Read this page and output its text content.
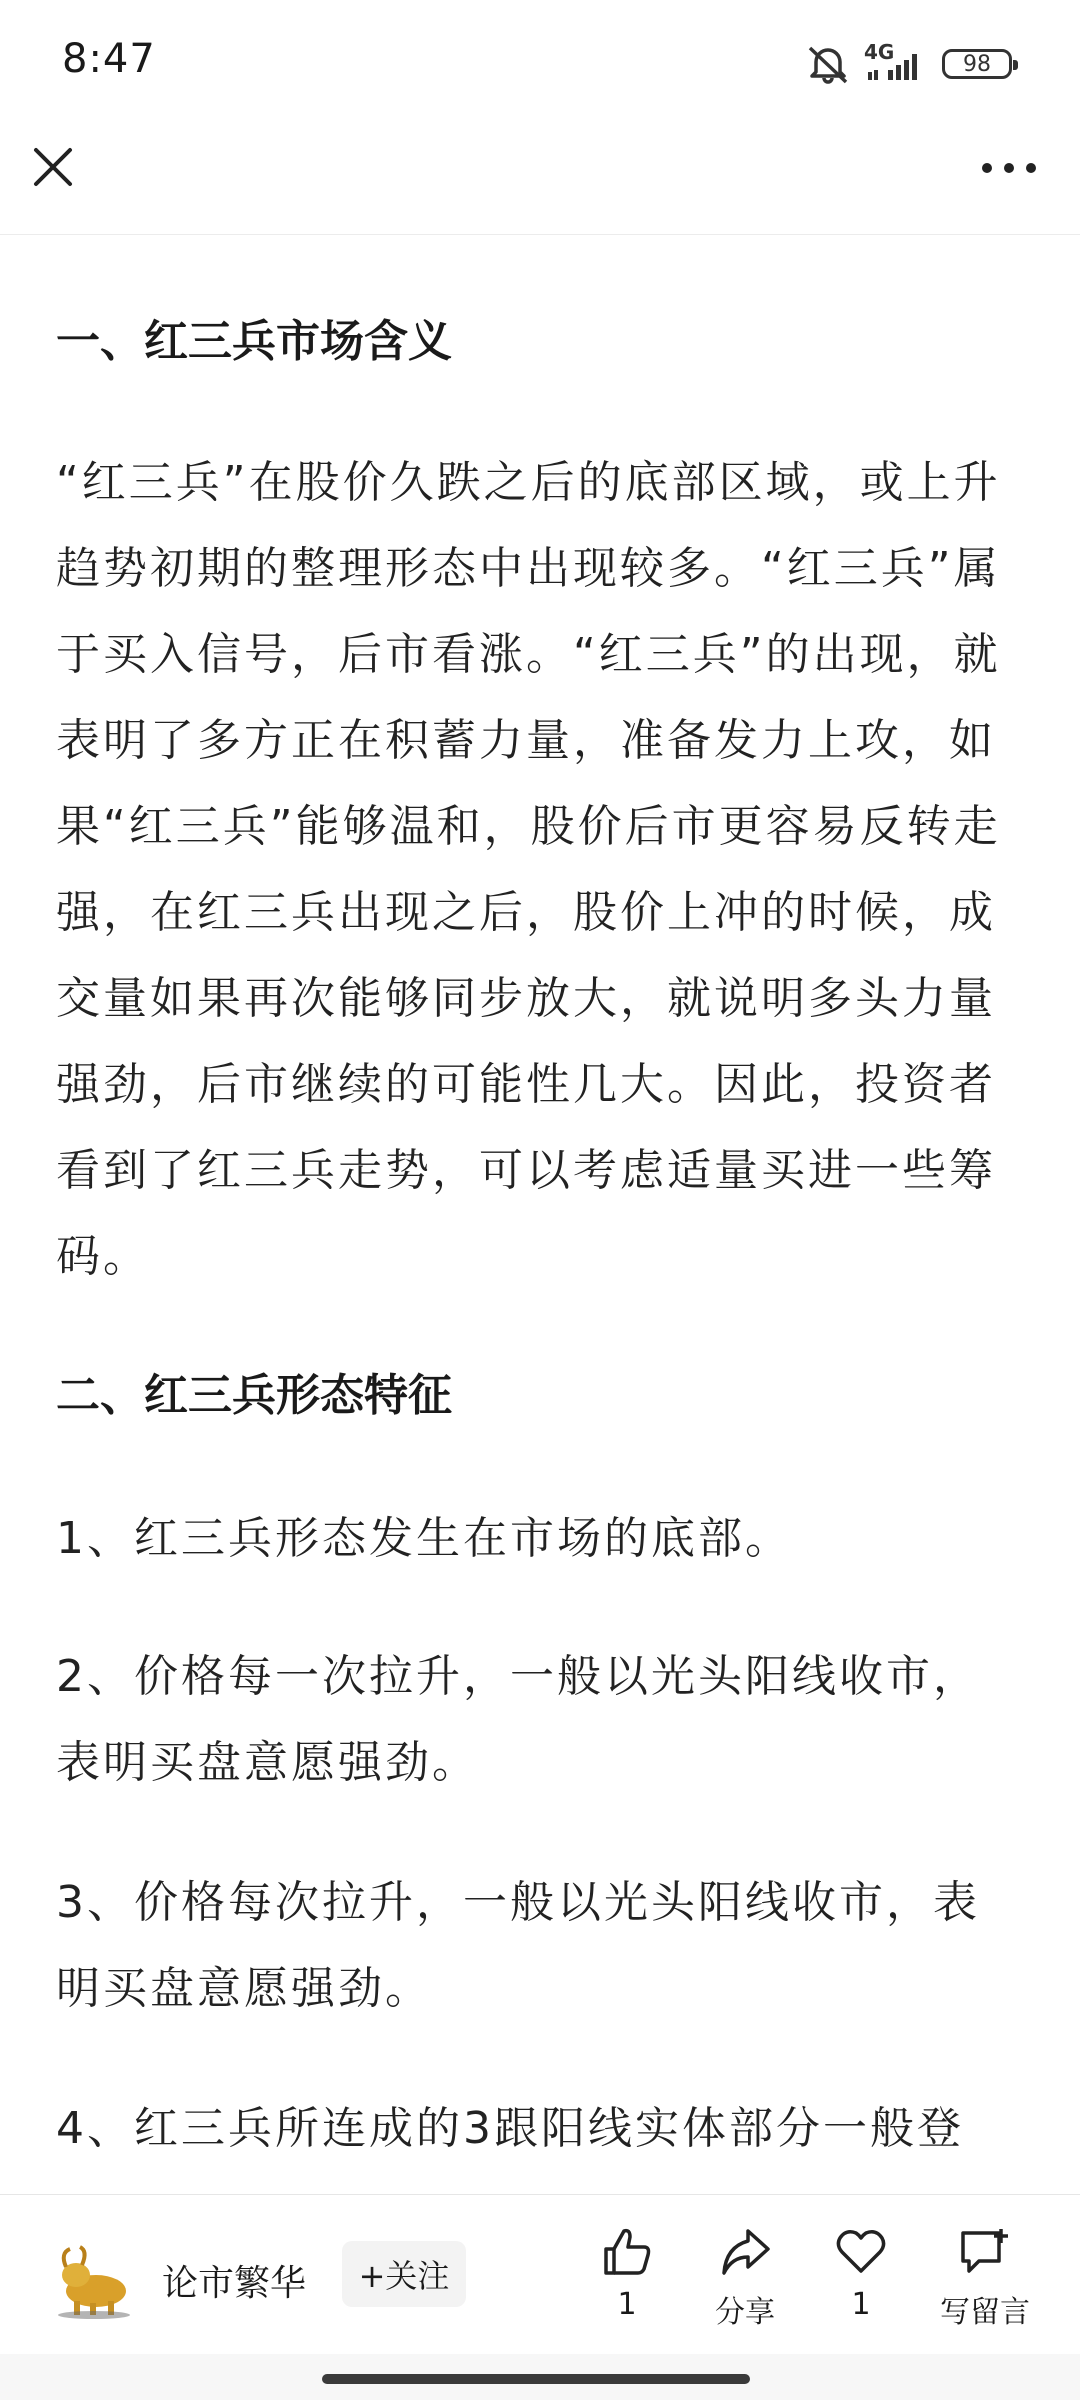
8:47	4G	98
一、红三兵市场含义

“红三兵”在股价久跌之后的底部区域，或上升趋势初期的整理形态中出现较多。“红三兵”属于买入信号，后市看涨。“红三兵”的出现，就表明了多方正在积蓄力量，准备发力上攻，如果“红三兵”能够温和，股价后市更容易反转走强，在红三兵出现之后，股价上冲的时候，成交量如果再次能够同步放大，就说明多头力量强劲，后市继续的可能性几大。因此，投资者看到了红三兵走势，可以考虑适量买进一些筹码。

二、红三兵形态特征

1、红三兵形态发生在市场的底部。

2、价格每一次拉升，一般以光头阳线收市，表明买盘意愿强劲。

3、价格每次拉升，一般以光头阳线收市，表明买盘意愿强劲。

4、红三兵所连成的3跟阳线实体部分一般登

论市繁华	+关注
1	分享	1	写留言
